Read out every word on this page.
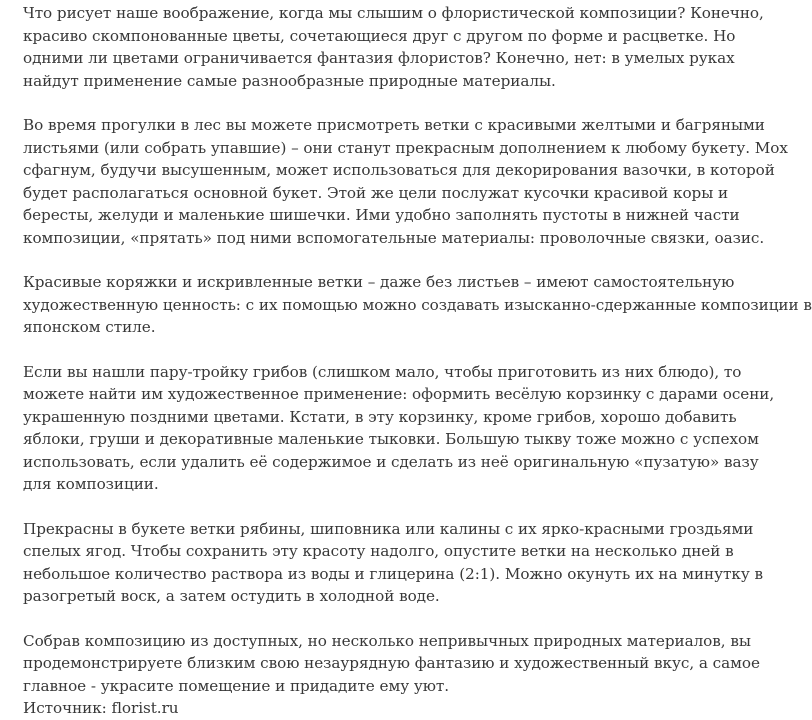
Что рисует наше воображение, когда мы слышим о флористической композиции? Конечно,
красиво скомпонованные цветы, сочетающиеся друг с другом по форме и расцветке. Но
одними ли цветами ограничивается фантазия флористов? Конечно, нет: в умелых руках
найдут применение самые разнообразные природные материалы.

Во время прогулки в лес вы можете присмотреть ветки с красивыми желтыми и багряными
листьями (или собрать упавшие) – они станут прекрасным дополнением к любому букету. Мох
сфагнум, будучи высушенным, может использоваться для декорирования вазочки, в которой
будет располагаться основной букет. Этой же цели послужат кусочки красивой коры и
бересты, желуди и маленькие шишечки. Ими удобно заполнять пустоты в нижней части
композиции, «прятать» под ними вспомогательные материалы: проволочные связки, оазис.

Красивые коряжки и искривленные ветки – даже без листьев – имеют самостоятельную
художественную ценность: с их помощью можно создавать изысканно-сдержанные композиции в
японском стиле.

Если вы нашли пару-тройку грибов (слишком мало, чтобы приготовить из них блюдо), то
можете найти им художественное применение: оформить весёлую корзинку с дарами осени,
украшенную поздними цветами. Кстати, в эту корзинку, кроме грибов, хорошо добавить
яблоки, груши и декоративные маленькие тыковки. Большую тыкву тоже можно с успехом
использовать, если удалить её содержимое и сделать из неё оригинальную «пузатую» вазу
для композиции.

Прекрасны в букете ветки рябины, шиповника или калины с их ярко-красными гроздьями
спелых ягод. Чтобы сохранить эту красоту надолго, опустите ветки на несколько дней в
небольшое количество раствора из воды и глицерина (2:1). Можно окунуть их на минутку в
разогретый воск, а затем остудить в холодной воде.

Собрав композицию из доступных, но несколько непривычных природных материалов, вы
продемонстрируете близким свою незаурядную фантазию и художественный вкус, а самое
главное - украсите помещение и придадите ему уют.

Источник: florist.ru
